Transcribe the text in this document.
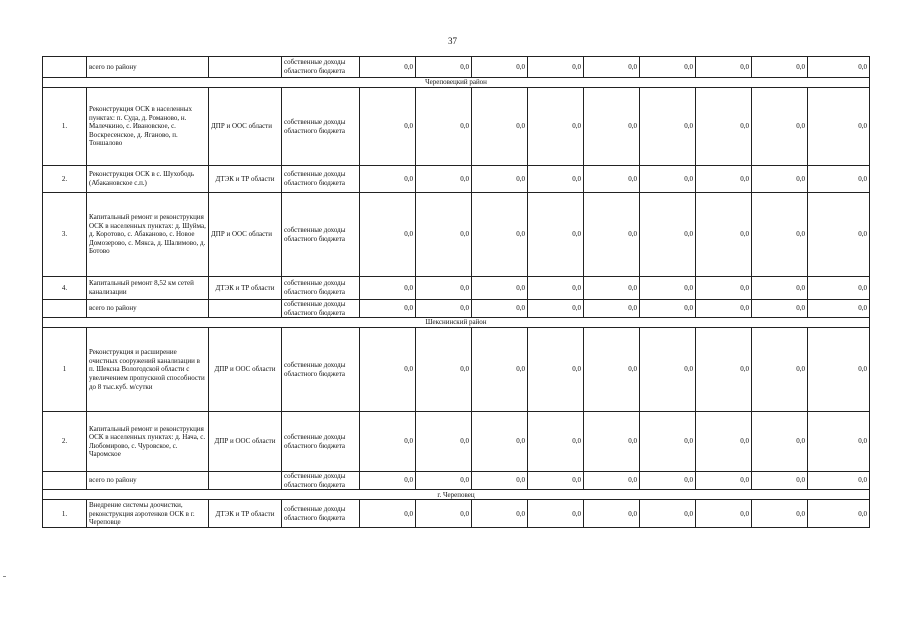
37
	всего по району		собственные доходы областного бюджета	0,0	0,0	0,0	0,0	0,0	0,0	0,0	0,0	0,0
Череповецкий район												
1.	Реконструкция ОСК в населенных пунктах: п. Суда, д. Романово, н. Малечкино, с. Ивановское, с. Воскресенское, д. Яганово, п. Тоншалово	ДПР и ООС области	собственные доходы областного бюджета	0,0	0,0	0,0	0,0	0,0	0,0	0,0	0,0	0,0
2.	Реконструкция ОСК в с. Шухободь (Абакановское с.п.)	ДТЭК и ТР области	собственные доходы областного бюджета	0,0	0,0	0,0	0,0	0,0	0,0	0,0	0,0	0,0
3.	Капитальный ремонт и реконструкция ОСК в населенных пунктах: д. Шуйма, д. Коротово, с. Абаканово, с. Новое Домозерово, с. Мякса, д. Шалимово, д. Ботово	ДПР и ООС области	собственные доходы областного бюджета	0,0	0,0	0,0	0,0	0,0	0,0	0,0	0,0	0,0
4.	Капитальный ремонт 8,52 км сетей канализации	ДТЭК и ТР области	собственные доходы областного бюджета	0,0	0,0	0,0	0,0	0,0	0,0	0,0	0,0	0,0
	всего по району		собственные доходы областного бюджета	0,0	0,0	0,0	0,0	0,0	0,0	0,0	0,0	0,0
Шекснинский район												
1	Реконструкция и расширение очистных сооружений канализации в п. Шексна Вологодской области с увеличением пропускной способности до 8 тыс.куб. м/сутки	ДПР и ООС области	собственные доходы областного бюджета	0,0	0,0	0,0	0,0	0,0	0,0	0,0	0,0	0,0
2.	Капитальный ремонт и реконструкция ОСК в населенных пунктах: д. Нача, с. Любомирово, с. Чуровское, с. Чаромское	ДПР и ООС области	собственные доходы областного бюджета	0,0	0,0	0,0	0,0	0,0	0,0	0,0	0,0	0,0
	всего по району		собственные доходы областного бюджета	0,0	0,0	0,0	0,0	0,0	0,0	0,0	0,0	0,0
г. Череповец												
1.	Внедрение системы доочистки, реконструкция аэротенков ОСК в г. Череповце	ДТЭК и ТР области	собственные доходы областного бюджета	0,0	0,0	0,0	0,0	0,0	0,0	0,0	0,0	0,0
